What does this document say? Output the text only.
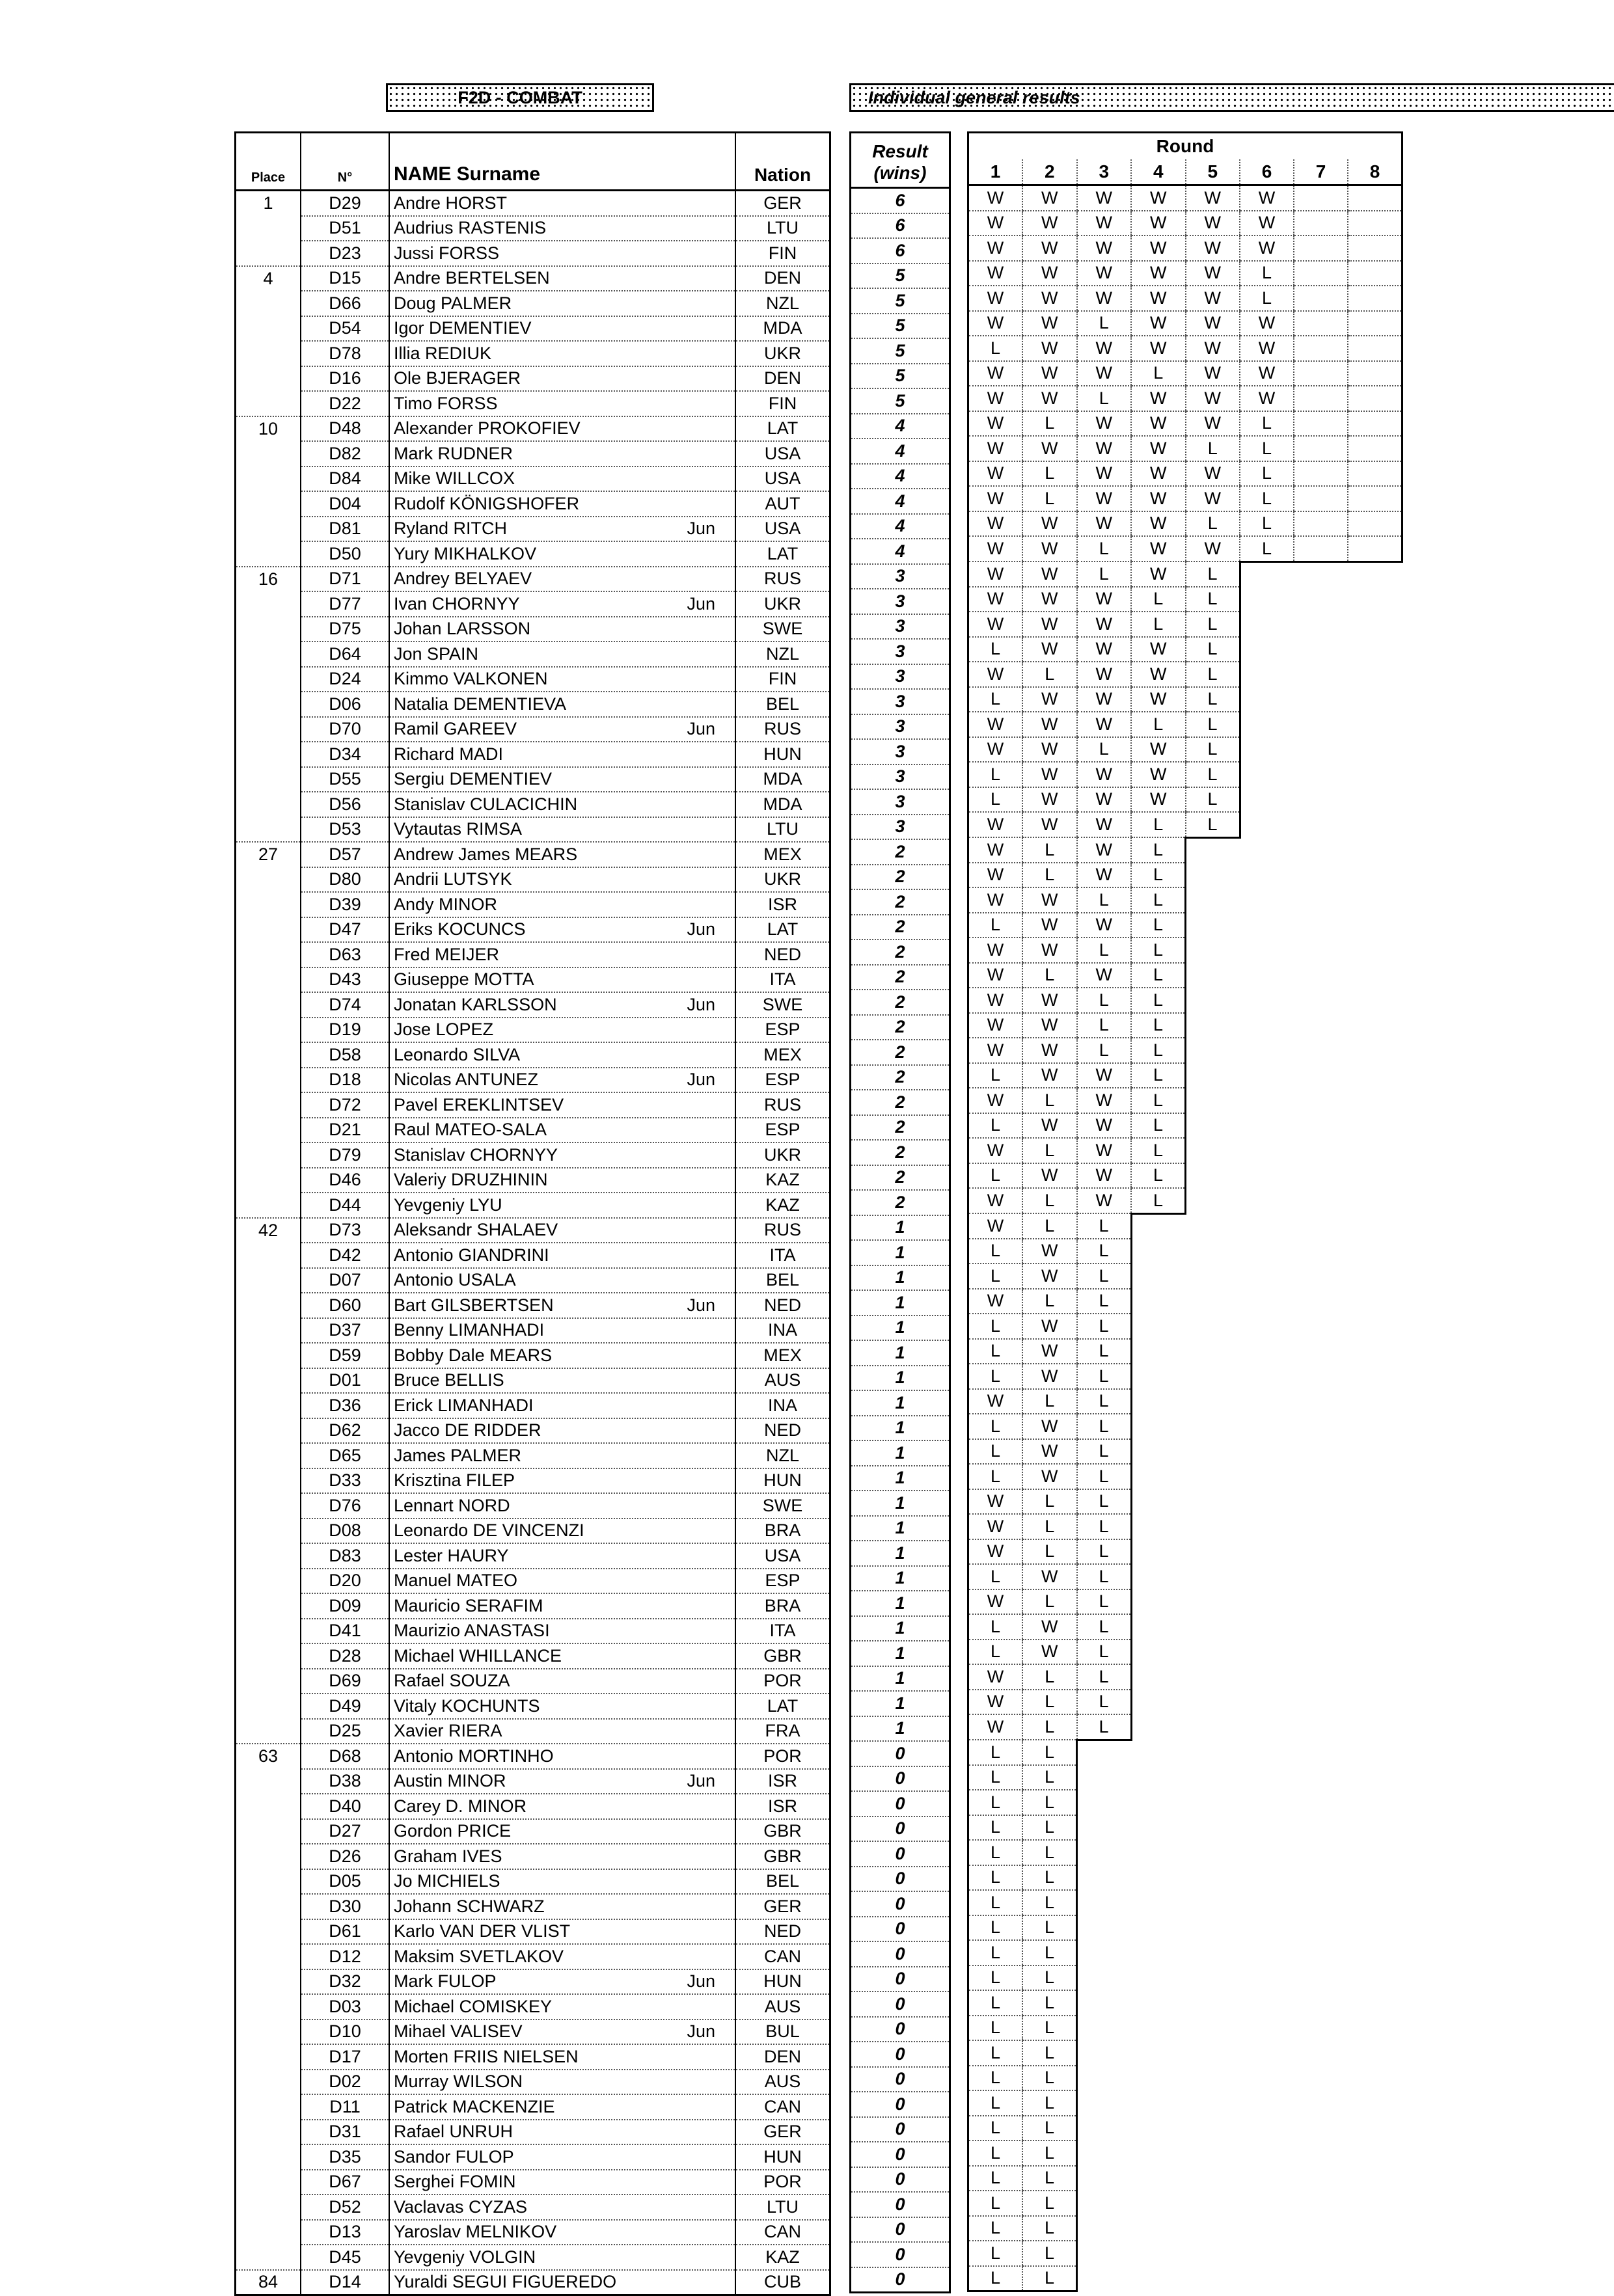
F2D - COMBAT	Individual general results
Place	N°	NAME Surname	Nation
1	D29	Andre HORST	GER
	D51	Audrius RASTENIS	LTU
	D23	Jussi FORSS	FIN
4	D15	Andre BERTELSEN	DEN
	D66	Doug PALMER	NZL
	D54	Igor DEMENTIEV	MDA
	D78	Illia REDIUK	UKR
	D16	Ole BJERAGER	DEN
	D22	Timo FORSS	FIN
10	D48	Alexander PROKOFIEV	LAT
	D82	Mark RUDNER	USA
	D84	Mike WILLCOX	USA
	D04	Rudolf KÖNIGSHOFER	AUT
	D81	Ryland RITCH Jun	USA
	D50	Yury MIKHALKOV	LAT
16	D71	Andrey BELYAEV	RUS
	D77	Ivan CHORNYY Jun	UKR
	D75	Johan LARSSON	SWE
	D64	Jon SPAIN	NZL
	D24	Kimmo VALKONEN	FIN
	D06	Natalia DEMENTIEVA	BEL
	D70	Ramil GAREEV Jun	RUS
	D34	Richard MADI	HUN
	D55	Sergiu DEMENTIEV	MDA
	D56	Stanislav CULACICHIN	MDA
	D53	Vytautas RIMSA	LTU
27	D57	Andrew James MEARS	MEX
	D80	Andrii LUTSYK	UKR
	D39	Andy MINOR	ISR
	D47	Eriks KOCUNCS Jun	LAT
	D63	Fred MEIJER	NED
	D43	Giuseppe MOTTA	ITA
	D74	Jonatan KARLSSON Jun	SWE
	D19	Jose LOPEZ	ESP
	D58	Leonardo SILVA	MEX
	D18	Nicolas ANTUNEZ Jun	ESP
	D72	Pavel EREKLINTSEV	RUS
	D21	Raul MATEO-SALA	ESP
	D79	Stanislav CHORNYY	UKR
	D46	Valeriy DRUZHININ	KAZ
	D44	Yevgeniy LYU	KAZ
42	D73	Aleksandr SHALAEV	RUS
	D42	Antonio GIANDRINI	ITA
	D07	Antonio USALA	BEL
	D60	Bart GILSBERTSEN Jun	NED
	D37	Benny LIMANHADI	INA
	D59	Bobby Dale MEARS	MEX
	D01	Bruce BELLIS	AUS
	D36	Erick LIMANHADI	INA
	D62	Jacco DE RIDDER	NED
	D65	James PALMER	NZL
	D33	Krisztina FILEP	HUN
	D76	Lennart NORD	SWE
	D08	Leonardo DE VINCENZI	BRA
	D83	Lester HAURY	USA
	D20	Manuel MATEO	ESP
	D09	Mauricio SERAFIM	BRA
	D41	Maurizio ANASTASI	ITA
	D28	Michael WHILLANCE	GBR
	D69	Rafael SOUZA	POR
	D49	Vitaly KOCHUNTS	LAT
	D25	Xavier RIERA	FRA
63	D68	Antonio MORTINHO	POR
	D38	Austin MINOR Jun	ISR
	D40	Carey D. MINOR	ISR
	D27	Gordon PRICE	GBR
	D26	Graham IVES	GBR
	D05	Jo MICHIELS	BEL
	D30	Johann SCHWARZ	GER
	D61	Karlo VAN DER VLIST	NED
	D12	Maksim SVETLAKOV	CAN
	D32	Mark FULOP Jun	HUN
	D03	Michael COMISKEY	AUS
	D10	Mihael VALISEV Jun	BUL
	D17	Morten FRIIS NIELSEN	DEN
	D02	Murray WILSON	AUS
	D11	Patrick MACKENZIE	CAN
	D31	Rafael UNRUH	GER
	D35	Sandor FULOP	HUN
	D67	Serghei FOMIN	POR
	D52	Vaclavas CYZAS	LTU
	D13	Yaroslav MELNIKOV	CAN
	D45	Yevgeniy VOLGIN	KAZ
84	D14	Yuraldi SEGUI FIGUEREDO	CUB
Result
(wins)

6
6
6
5
5
5
5
5
5
4
4
4
4
4
4
3
3
3
3
3
3
3
3
3
3
3
2
2
2
2
2
2
2
2
2
2
2
2
2
2
2
1
1
1
1
1
1
1
1
1
1
1
1
1
1
1
1
1
1
1
1
1
0
0
0
0
0
0
0
0
0
0
0
0
0
0
0
0
0
0
0
0
0
0
Round							
1	2	3	4	5	6	7	8
W	W	W	W	W	W		
W	W	W	W	W	W		
W	W	W	W	W	W		
W	W	W	W	W	L		
W	W	W	W	W	L		
W	W	L	W	W	W		
L	W	W	W	W	W		
W	W	W	L	W	W		
W	W	L	W	W	W		
W	L	W	W	W	L		
W	W	W	W	L	L		
W	L	W	W	W	L		
W	L	W	W	W	L		
W	W	W	W	L	L		
W	W	L	W	W	L		
W	W	L	W	L			
W	W	W	L	L			
W	W	W	L	L			
L	W	W	W	L			
W	L	W	W	L			
L	W	W	W	L			
W	W	W	L	L			
W	W	L	W	L			
L	W	W	W	L			
L	W	W	W	L			
W	W	W	L	L			
W	L	W	L				
W	L	W	L				
W	W	L	L				
L	W	W	L				
W	W	L	L				
W	L	W	L				
W	W	L	L				
W	W	L	L				
W	W	L	L				
L	W	W	L				
W	L	W	L				
L	W	W	L				
W	L	W	L				
L	W	W	L				
W	L	W	L				
W	L	L					
L	W	L					
L	W	L					
W	L	L					
L	W	L					
L	W	L					
L	W	L					
W	L	L					
L	W	L					
L	W	L					
L	W	L					
W	L	L					
W	L	L					
W	L	L					
L	W	L					
W	L	L					
L	W	L					
L	W	L					
W	L	L					
W	L	L					
W	L	L					
L	L						
L	L						
L	L						
L	L						
L	L						
L	L						
L	L						
L	L						
L	L						
L	L						
L	L						
L	L						
L	L						
L	L						
L	L						
L	L						
L	L						
L	L						
L	L						
L	L						
L	L						
L	L						
